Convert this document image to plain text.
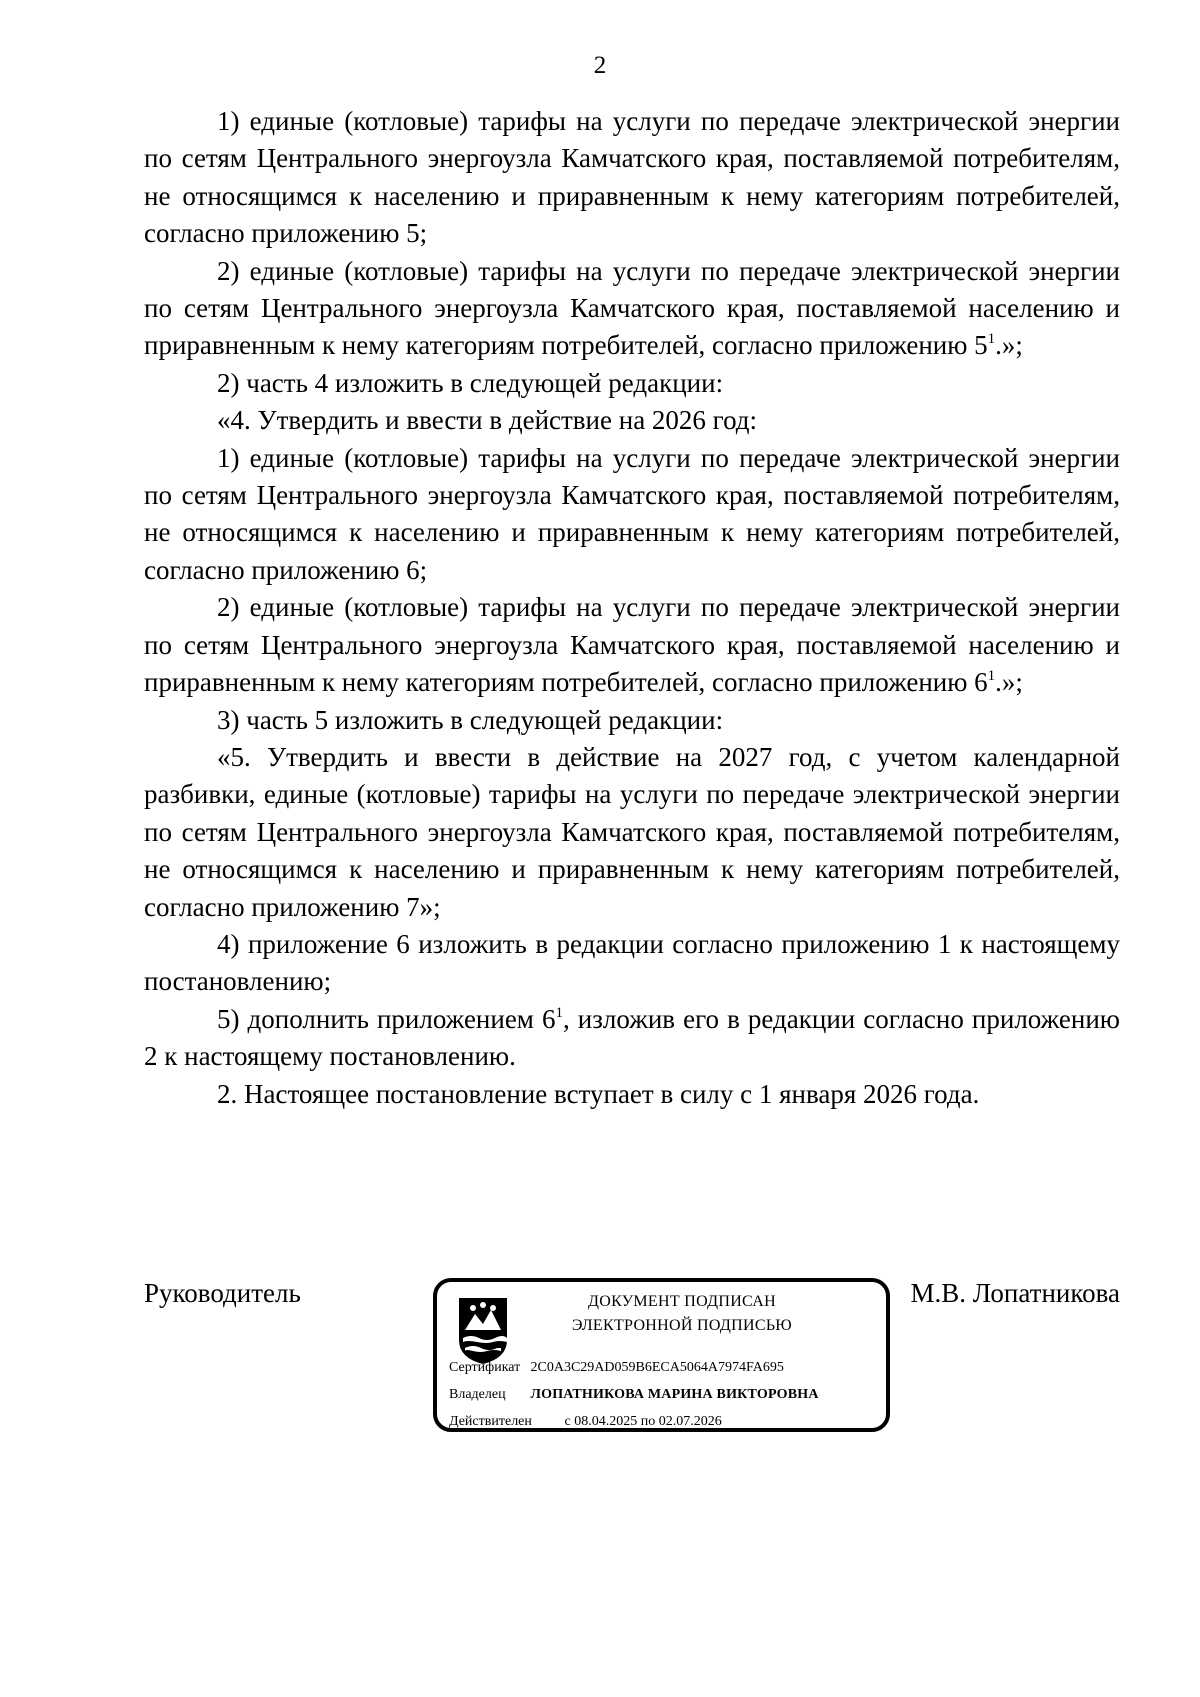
2

1) единые (котловые) тарифы на услуги по передаче электрической энергии по сетям Центрального энергоузла Камчатского края, поставляемой потребителям, не относящимся к населению и приравненным к нему категориям потребителей, согласно приложению 5;

2) единые (котловые) тарифы на услуги по передаче электрической энергии по сетям Центрального энергоузла Камчатского края, поставляемой населению и приравненным к нему категориям потребителей, согласно приложению $5^1$.»;

2) часть 4 изложить в следующей редакции:

«4. Утвердить и ввести в действие на 2026 год:

1) единые (котловые) тарифы на услуги по передаче электрической энергии по сетям Центрального энергоузла Камчатского края, поставляемой потребителям, не относящимся к населению и приравненным к нему категориям потребителей, согласно приложению 6;

2) единые (котловые) тарифы на услуги по передаче электрической энергии по сетям Центрального энергоузла Камчатского края, поставляемой населению и приравненным к нему категориям потребителей, согласно приложению $6^1$.»;

3) часть 5 изложить в следующей редакции:

«5. Утвердить и ввести в действие на 2027 год, с учетом календарной разбивки, единые (котловые) тарифы на услуги по передаче электрической энергии по сетям Центрального энергоузла Камчатского края, поставляемой потребителям, не относящимся к населению и приравненным к нему категориям потребителей, согласно приложению 7»;

4) приложение 6 изложить в редакции согласно приложению 1 к настоящему постановлению;

5) дополнить приложением $6^1$, изложив его в редакции согласно приложению 2 к настоящему постановлению.

2. Настоящее постановление вступает в силу с 1 января 2026 года.

Руководитель	ДОКУМЕНТ ПОДПИСАН
ЭЛЕКТРОННОЙ ПОДПИСЬЮ
Сертификат 2C0A3C29AD059B6ECA5064A7974FA695
Владелец ЛОПАТНИКОВА МАРИНА ВИКТОРОВНА
Действителен с 08.04.2025 по 02.07.2026
М.В. Лопатникова
